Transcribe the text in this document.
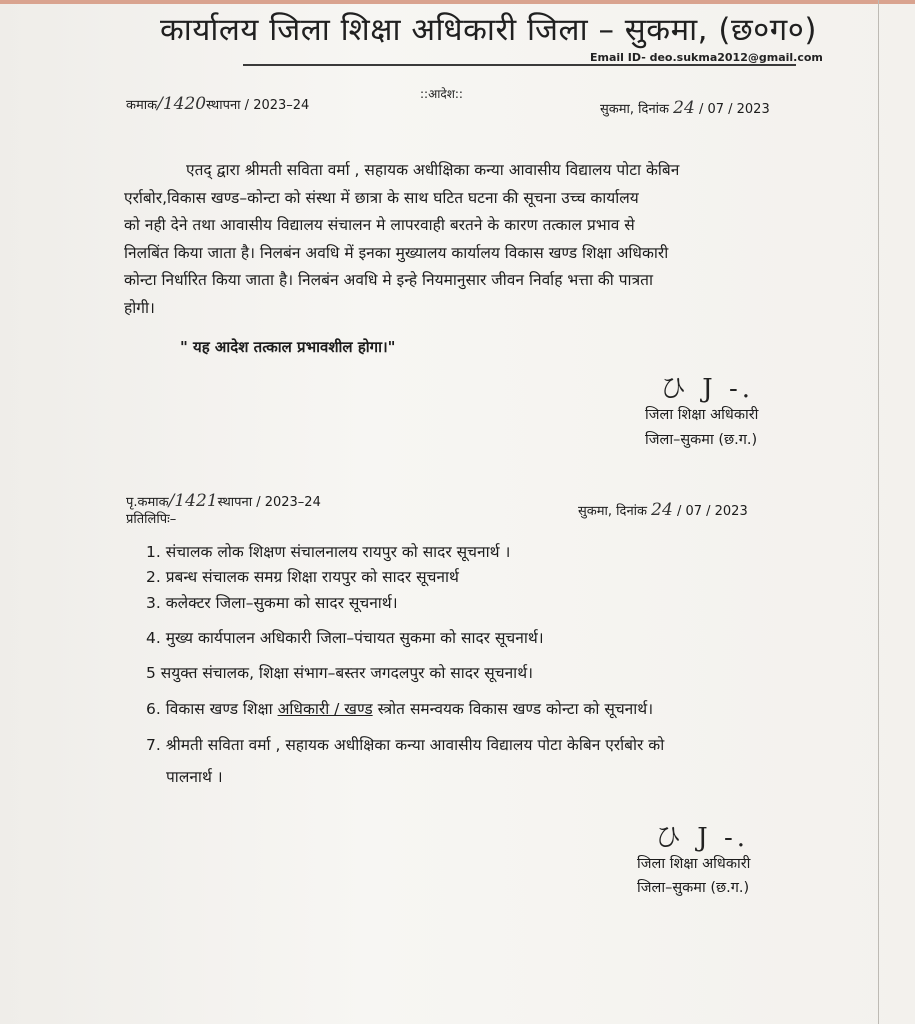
कार्यालय जिला शिक्षा अधिकारी जिला – सुकमा, (छ०ग०)
Email ID- deo.sukma2012@gmail.com
::आदेश::
कमाक/1420स्थापना / 2023–24	सुकमा, दिनांक 24 / 07 / 2023
एतद् द्वारा श्रीमती सविता वर्मा , सहायक अधीक्षिका कन्या आवासीय विद्यालय पोटा केबिन
एर्राबोर,विकास खण्ड–कोन्टा को संस्था में छात्रा के साथ घटित घटना की सूचना उच्च कार्यालय
को नही देने तथा आवासीय विद्यालय संचालन मे लापरवाही बरतने के कारण तत्काल प्रभाव से
निलबिंत किया जाता है। निलबंन अवधि में इनका मुख्यालय कार्यालय विकास खण्ड शिक्षा अधिकारी
कोन्टा निर्धारित किया जाता है। निलबंन अवधि मे इन्हे नियमानुसार जीवन निर्वाह भत्ता की पात्रता
होगी।
" यह आदेश तत्काल प्रभावशील होगा।"
ひ J -.
जिला शिक्षा अधिकारी
जिला–सुकमा (छ.ग.)
पृ.कमाक/1421स्थापना / 2023–24
प्रतिलिपिः–
सुकमा, दिनांक 24 / 07 / 2023
1. संचालक लोक शिक्षण संचालनालय रायपुर को सादर सूचनार्थ ।
2. प्रबन्ध संचालक समग्र शिक्षा रायपुर को सादर सूचनार्थ
3. कलेक्टर जिला–सुकमा को सादर सूचनार्थ।
4. मुख्य कार्यपालन अधिकारी जिला–पंचायत सुकमा को सादर सूचनार्थ।
5 सयुक्त संचालक, शिक्षा संभाग–बस्तर जगदलपुर को सादर सूचनार्थ।
6. विकास खण्ड शिक्षा अधिकारी / खण्ड स्त्रोत समन्वयक विकास खण्ड कोन्टा को सूचनार्थ।
7. श्रीमती सविता वर्मा , सहायक अधीक्षिका कन्या आवासीय विद्यालय पोटा केबिन एर्राबोर को
पालनार्थ ।
ひ J -.
जिला शिक्षा अधिकारी
जिला–सुकमा (छ.ग.)
